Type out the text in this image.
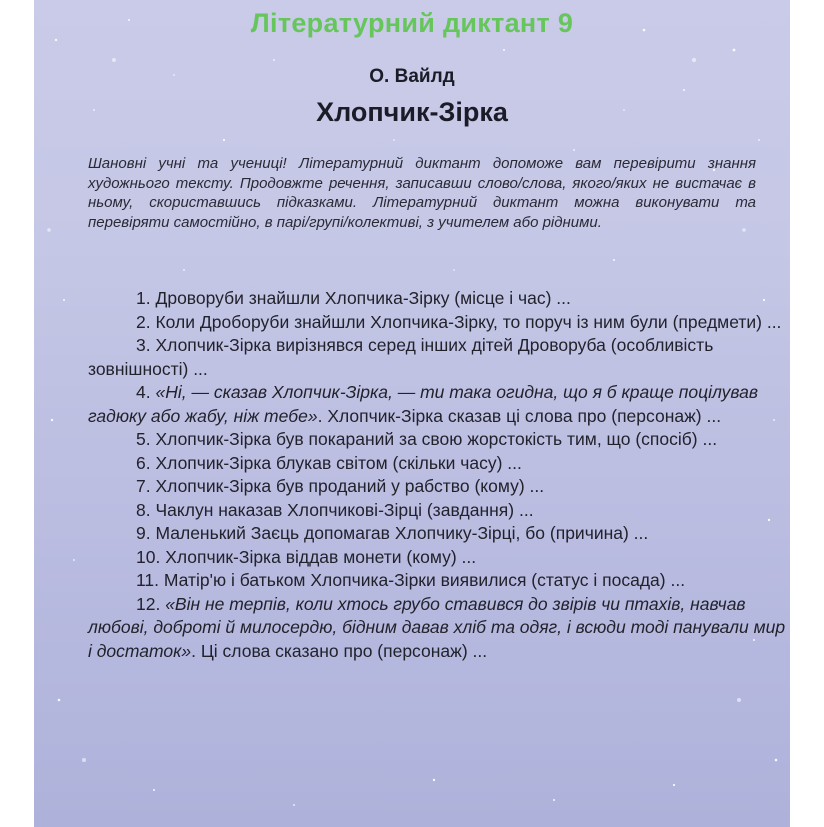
Літературний диктант 9
О. Вайлд
Хлопчик-Зірка
Шановні учні та учениці! Літературний диктант допоможе вам перевірити знання художнього тексту. Продовжте речення, записавши слово/слова, якого/яких не вистачає в ньому, скориставшись підказками. Літературний диктант можна виконувати та перевіряти самостійно, в парі/групі/колективі, з учителем або рідними.
1. Дроворуби знайшли Хлопчика-Зірку (місце і час) ...
2. Коли Дроборуби знайшли Хлопчика-Зірку, то поруч із ним були (предмети) ...
3. Хлопчик-Зірка вирізнявся серед інших дітей Дроворуба (особливість зовнішності) ...
4. «Ні, — сказав Хлопчик-Зірка, — ти така огидна, що я б краще поцілував гадюку або жабу, ніж тебе». Хлопчик-Зірка сказав ці слова про (персонаж) ...
5. Хлопчик-Зірка був покараний за свою жорстокість тим, що (спосіб) ...
6. Хлопчик-Зірка блукав світом (скільки часу) ...
7. Хлопчик-Зірка був проданий у рабство (кому) ...
8. Чаклун наказав Хлопчикові-Зірці (завдання) ...
9. Маленький Заєць допомагав Хлопчику-Зірці, бо (причина) ...
10. Хлопчик-Зірка віддав монети (кому) ...
11. Матір'ю і батьком Хлопчика-Зірки виявилися (статус і посада) ...
12. «Він не терпів, коли хтось грубо ставився до звірів чи птахів, навчав любові, доброті й милосердю, бідним давав хліб та одяг, і всюди тоді панували мир і достаток». Ці слова сказано про (персонаж) ...
